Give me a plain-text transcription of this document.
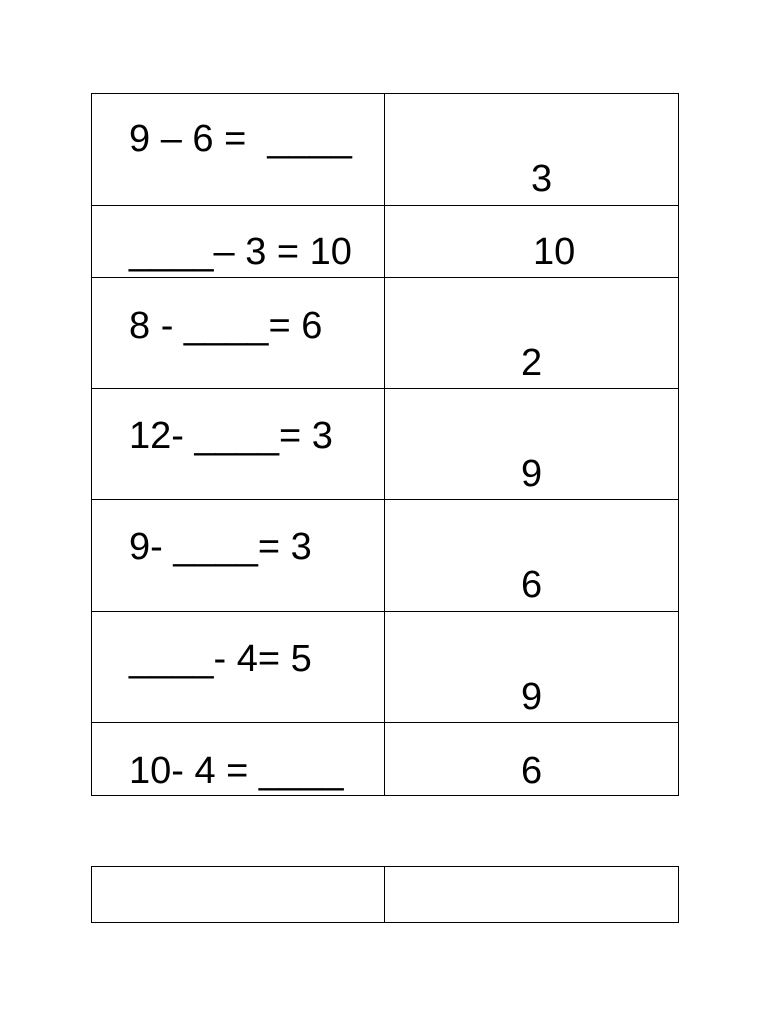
9 – 6 =  ____	3

____– 3 = 10	10

8 - ____= 6	2

12- ____= 3	9

9- ____= 3	6

____- 4= 5	9

10- 4 = ____	6
